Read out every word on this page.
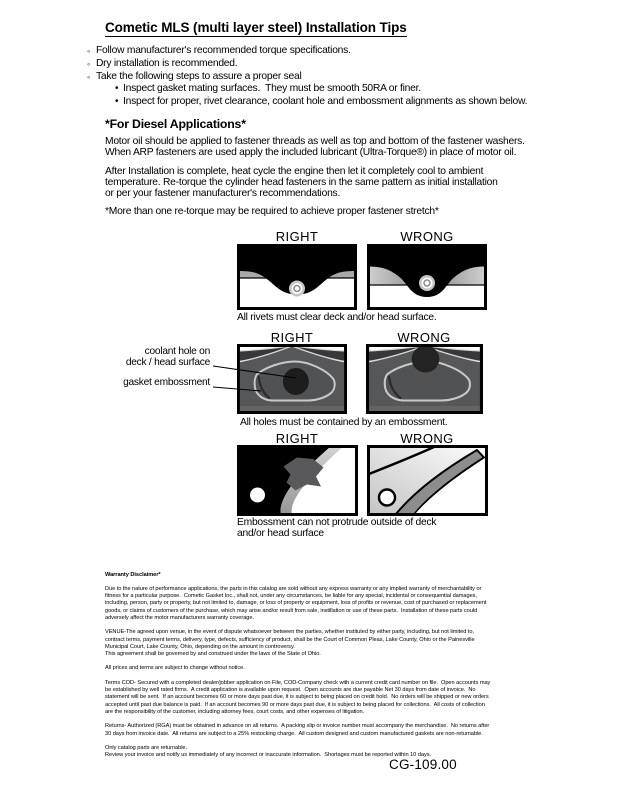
Cometic MLS (multi layer steel) Installation Tips
◦ Follow manufacturer's recommended torque specifications.
◦ Dry installation is recommended.
◦ Take the following steps to assure a proper seal
• Inspect gasket mating surfaces.  They must be smooth 50RA or finer.
• Inspect for proper, rivet clearance, coolant hole and embossment alignments as shown below.
*For Diesel Applications*
Motor oil should be applied to fastener threads as well as top and bottom of the fastener washers.
When ARP fasteners are used apply the included lubricant (Ultra-Torque®) in place of motor oil.
After Installation is complete, heat cycle the engine then let it completely cool to ambient
temperature. Re-torque the cylinder head fasteners in the same pattern as initial installation
or per your fastener manufacturer's recommendations.
*More than one re-torque may be required to achieve proper fastener stretch*
RIGHT	WRONG
All rivets must clear deck and/or head surface.
RIGHT	WRONG
coolant hole on
deck / head surface
gasket embossment
All holes must be contained by an embossment.
RIGHT	WRONG
Embossment can not protrude outside of deck
and/or head surface
Warranty Disclaimer*
Due to the nature of performance applications, the parts in this catalog are sold without any express warranty or any implied warranty of merchantability or
fitness for a particular purpose.  Cometic Gasket Inc., shall not, under any circumstances, be liable for any special, incidental or consequential damages,
including, person, party or property, but not limited to, damage, or loss of property or equipment, loss of profits or revenue, cost of purchased or replacement
goods, or claims of customers of the purchase, which may arise and/or result from sale, instillation or use of these parts.  Installation of these parts could
adversely affect the motor manufacturers warranty coverage.
VENUE-The agreed upon venue, in the event of dispute whatsoever between the parties, whether instituted by either party, including, but not limited to,
contract terms, payment terms, delivery, type, defects, sufficiency of product, shall be the Court of Common Pleas, Lake County, Ohio or the Painesville
Municipal Court, Lake County, Ohio, depending on the amount in controversy.
This agreement shall be governed by and construed under the laws of the State of Ohio.
All prices and terms are subject to change without notice.
Terms COD- Secured with a completed dealer/jobber application on File, COD-Company check with a current credit card number on file.  Open accounts may
be established by well rated firms.  A credit application is available upon request.  Open accounts are due payable Net 30 days from date of invoice.  No
statement will be sent.  If an account becomes 60 or more days past due, it is subject to being placed on credit hold.  No orders will be shipped or new orders
accepted until past due balance is paid.  If an account becomes 90 or more days past due, it is subject to being placed for collections.  All costs of collection
are the responsibility of the customer, including attorney fees, court costs, and other expenses of litigation.
Returns- Authorized (RGA) must be obtained in advance on all returns.  A packing slip or invoice number must accompany the merchandise.  No returns after
30 days from invoice date.  All returns are subject to a 25% restocking charge.  All custom designed and custom manufactured gaskets are non-returnable.
Only catalog parts are returnable.
Review your invoice and notify us immediately of any incorrect or inaccurate information.  Shortages must be reported within 10 days.
CG-109.00
